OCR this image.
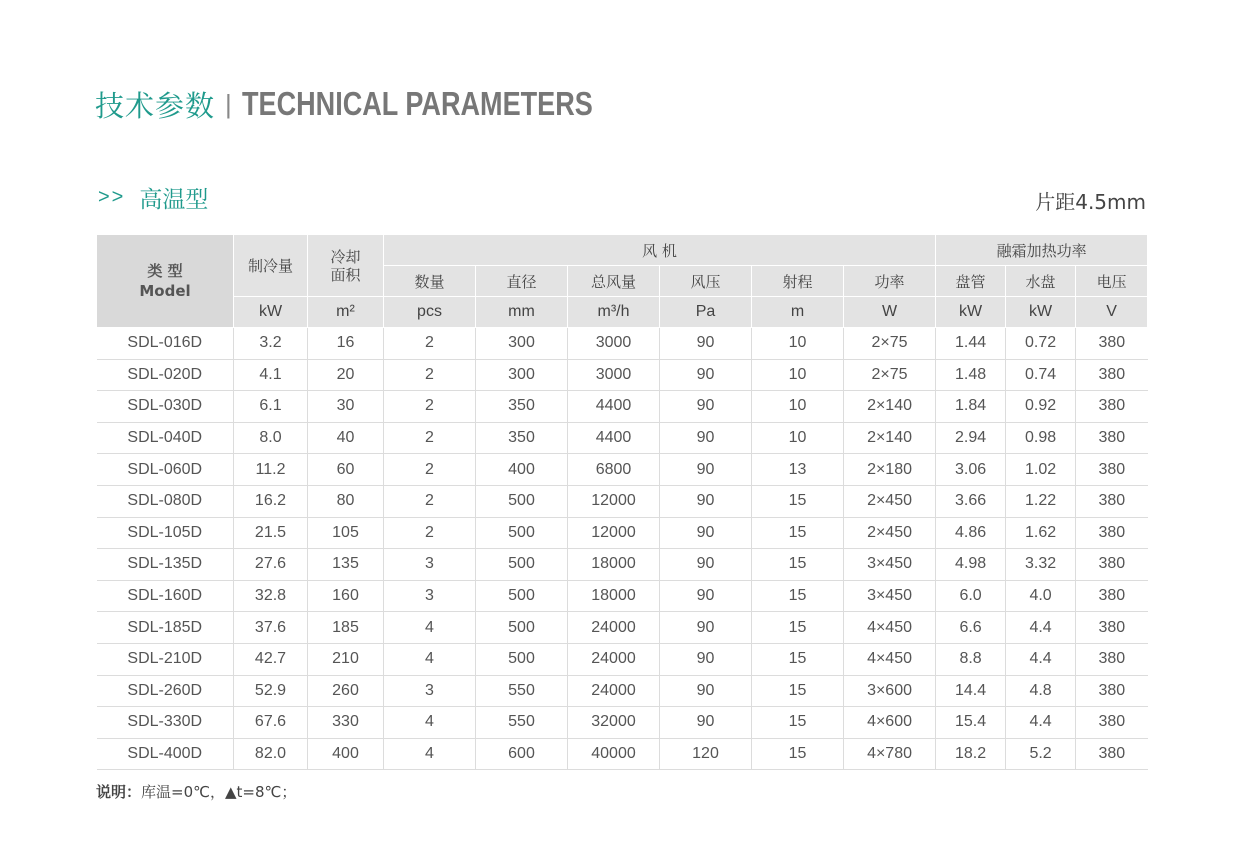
技术参数 | TECHNICAL PARAMETERS
>> 高温型	片距4.5mm
类 型
Model	制冷量	冷却面积	风 机						融霜加热功率		
			数量	直径	总风量	风压	射程	功率	盘管	水盘	电压
	kW	m²	pcs	mm	m³/h	Pa	m	W	kW	kW	V
SDL-016D	3.2	16	2	300	3000	90	10	2×75	1.44	0.72	380
SDL-020D	4.1	20	2	300	3000	90	10	2×75	1.48	0.74	380
SDL-030D	6.1	30	2	350	4400	90	10	2×140	1.84	0.92	380
SDL-040D	8.0	40	2	350	4400	90	10	2×140	2.94	0.98	380
SDL-060D	11.2	60	2	400	6800	90	13	2×180	3.06	1.02	380
SDL-080D	16.2	80	2	500	12000	90	15	2×450	3.66	1.22	380
SDL-105D	21.5	105	2	500	12000	90	15	2×450	4.86	1.62	380
SDL-135D	27.6	135	3	500	18000	90	15	3×450	4.98	3.32	380
SDL-160D	32.8	160	3	500	18000	90	15	3×450	6.0	4.0	380
SDL-185D	37.6	185	4	500	24000	90	15	4×450	6.6	4.4	380
SDL-210D	42.7	210	4	500	24000	90	15	4×450	8.8	4.4	380
SDL-260D	52.9	260	3	550	24000	90	15	3×600	14.4	4.8	380
SDL-330D	67.6	330	4	550	32000	90	15	4×600	15.4	4.4	380
SDL-400D	82.0	400	4	600	40000	120	15	4×780	18.2	5.2	380
说明：库温=0℃，▲t=8℃；
